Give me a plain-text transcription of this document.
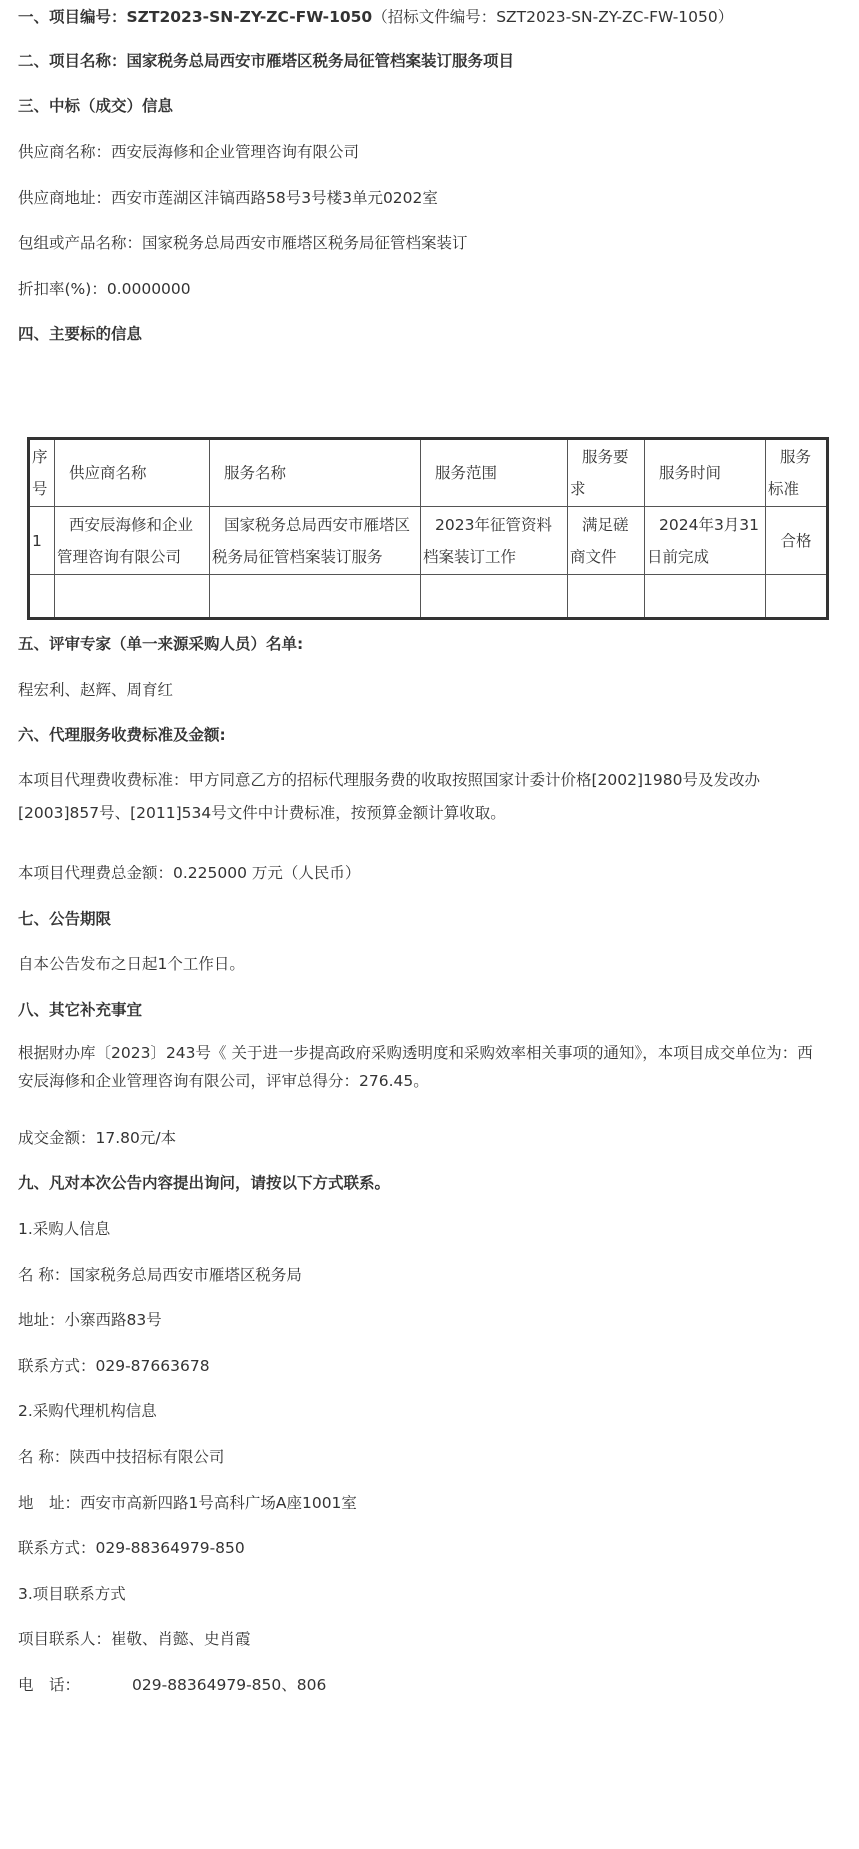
一、项目编号：SZT2023-SN-ZY-ZC-FW-1050（招标文件编号：SZT2023-SN-ZY-ZC-FW-1050）
二、项目名称：国家税务总局西安市雁塔区税务局征管档案装订服务项目
三、中标（成交）信息
供应商名称：西安辰海修和企业管理咨询有限公司
供应商地址：西安市莲湖区沣镐西路58号3号楼3单元0202室
包组或产品名称：国家税务总局西安市雁塔区税务局征管档案装订
折扣率(%)：0.0000000
四、主要标的信息
序号	供应商名称	服务名称	服务范围	服务要求	服务时间	服务标准
1	西安辰海修和企业管理咨询有限公司	国家税务总局西安市雁塔区税务局征管档案装订服务	2023年征管资料档案装订工作	满足磋商文件	2024年3月31日前完成	合格

五、评审专家（单一来源采购人员）名单:
程宏利、赵辉、周育红
六、代理服务收费标准及金额:
本项目代理费收费标准：甲方同意乙方的招标代理服务费的收取按照国家计委计价格[2002]1980号及发改办[2003]857号、[2011]534号文件中计费标准，按预算金额计算收取。
本项目代理费总金额：0.225000 万元（人民币）
七、公告期限
自本公告发布之日起1个工作日。
八、其它补充事宜
根据财办库〔2023〕243号《 关于进一步提高政府采购透明度和采购效率相关事项的通知》，本项目成交单位为：西安辰海修和企业管理咨询有限公司，评审总得分：276.45。
成交金额：17.80元/本
九、凡对本次公告内容提出询问，请按以下方式联系。
1.采购人信息
名 称：国家税务总局西安市雁塔区税务局
地址：小寨西路83号
联系方式：029-87663678
2.采购代理机构信息
名 称：陕西中技招标有限公司
地　址：西安市高新四路1号高科广场A座1001室
联系方式：029-88364979-850
3.项目联系方式
项目联系人：崔敬、肖懿、史肖霞
电　话：	029-88364979-850、806
